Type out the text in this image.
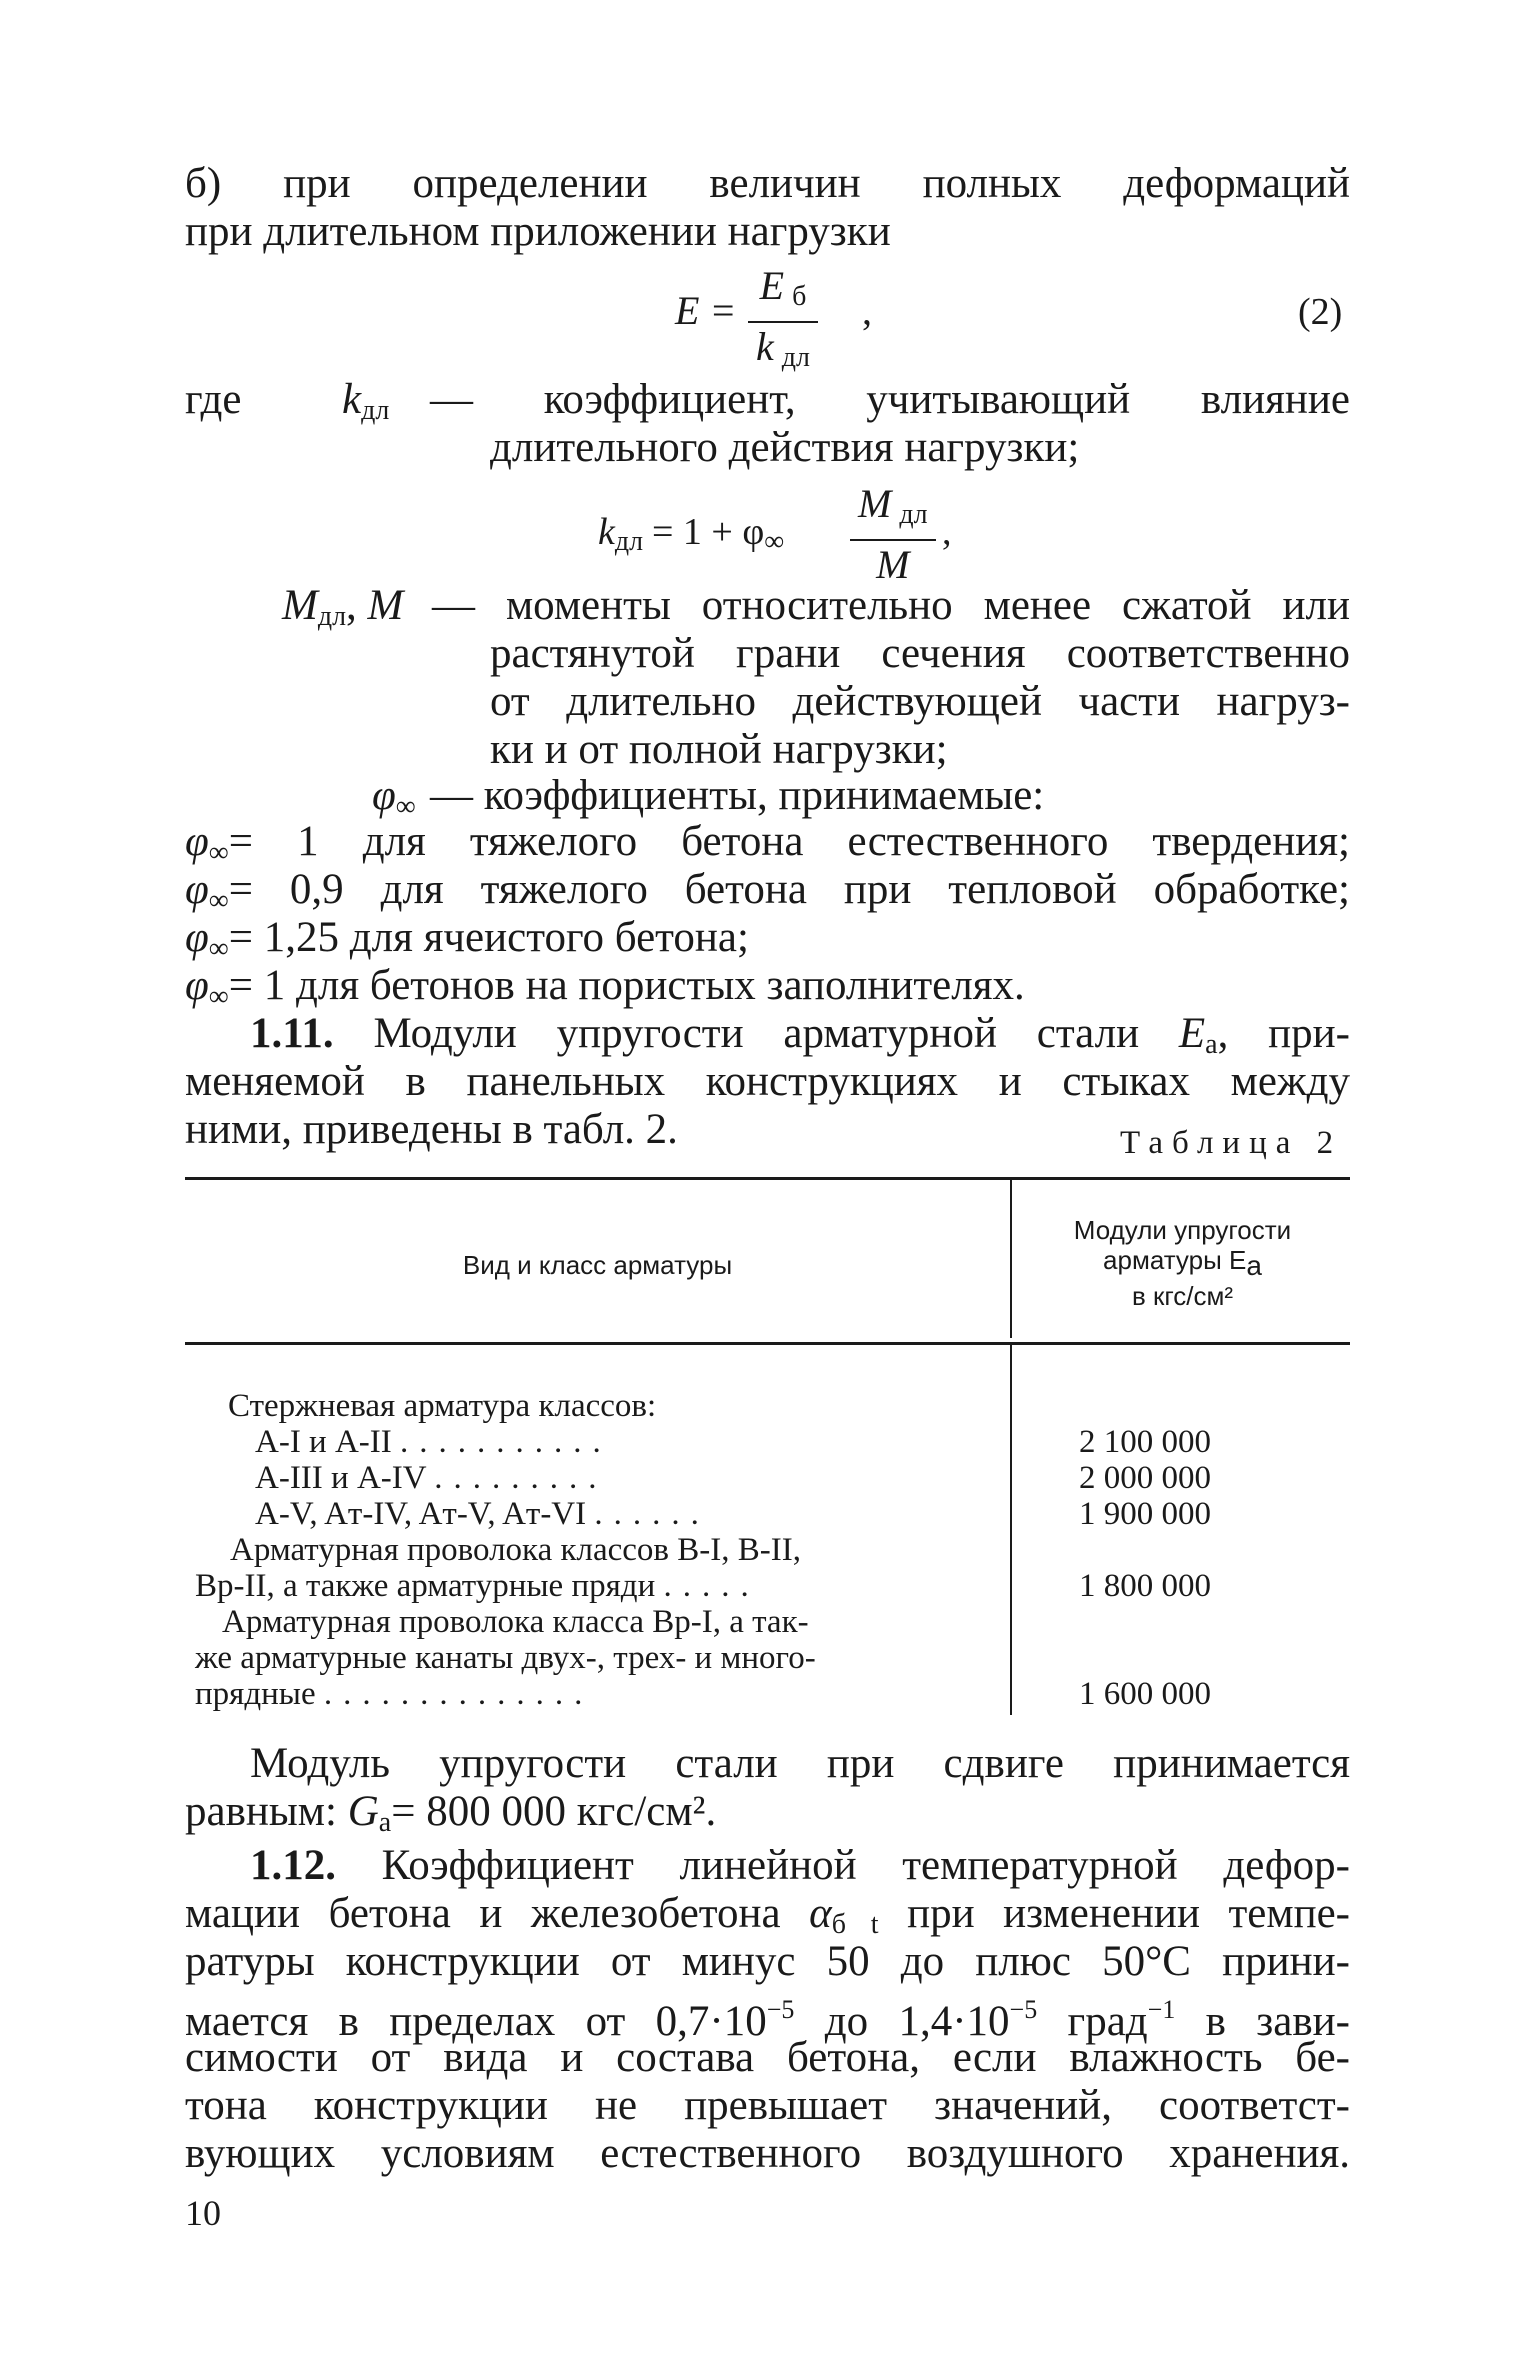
б) при определении величин полных деформаций
при длительном приложении нагрузки
E =
E $_б$
k $_{дл}$
,	(2)
где $k_{дл}$ — коэффициент, учитывающий влияние
длительного действия нагрузки;
$k_{дл} = 1 + \varphi_\infty$
M $_{дл}$
M
,
$M_{дл}$, M — моменты относительно менее сжатой или
растянутой грани сечения соответственно
от длительно действующей части нагруз-
ки и от полной нагрузки;
$\varphi_\infty$ — коэффициенты, принимаемые:
$\varphi_\infty= 1$ для тяжелого бетона естественного твердения;
$\varphi_\infty= 0,9$ для тяжелого бетона при тепловой обработке;
$\varphi_\infty= 1,25$ для ячеистого бетона;
$\varphi_\infty= 1$ для бетонов на пористых заполнителях.
1.11. Модули упругости арматурной стали $E_а$, при-
меняемой в панельных конструкциях и стыках между
ними, приведены в табл. 2.	Таблица 2
Вид и класс арматуры
Модули упругости
арматуры Eа
в кгс/см²
Стержневая арматура классов:
A-I и A-II ...........	2 100 000
A-III и A-IV .........	2 000 000
A-V, Aт-IV, Aт-V, Aт-VI ......	1 900 000
Арматурная проволока классов B-I, B-II,
Bp-II, а также арматурные пряди .....	1 800 000
Арматурная проволока класса Bp-I, а так-
же арматурные канаты двух-, трех- и много-
прядные ..............	1 600 000
Модуль упругости стали при сдвиге принимается
равным: $G_а= 800$ 000 кгс/см².
1.12. Коэффициент линейной температурной дефор-
мации бетона и железобетона $\alpha_{б t}$ при изменении темпе-
ратуры конструкции от минус 50 до плюс 50°C прини-
мается в пределах от $0,7\cdot 10^{-5}$ до $1,4\cdot 10^{-5}$ град$^{-1}$ в зави-
симости от вида и состава бетона, если влажность бе-
тона конструкции не превышает значений, соответст-
вующих условиям естественного воздушного хранения.
10
